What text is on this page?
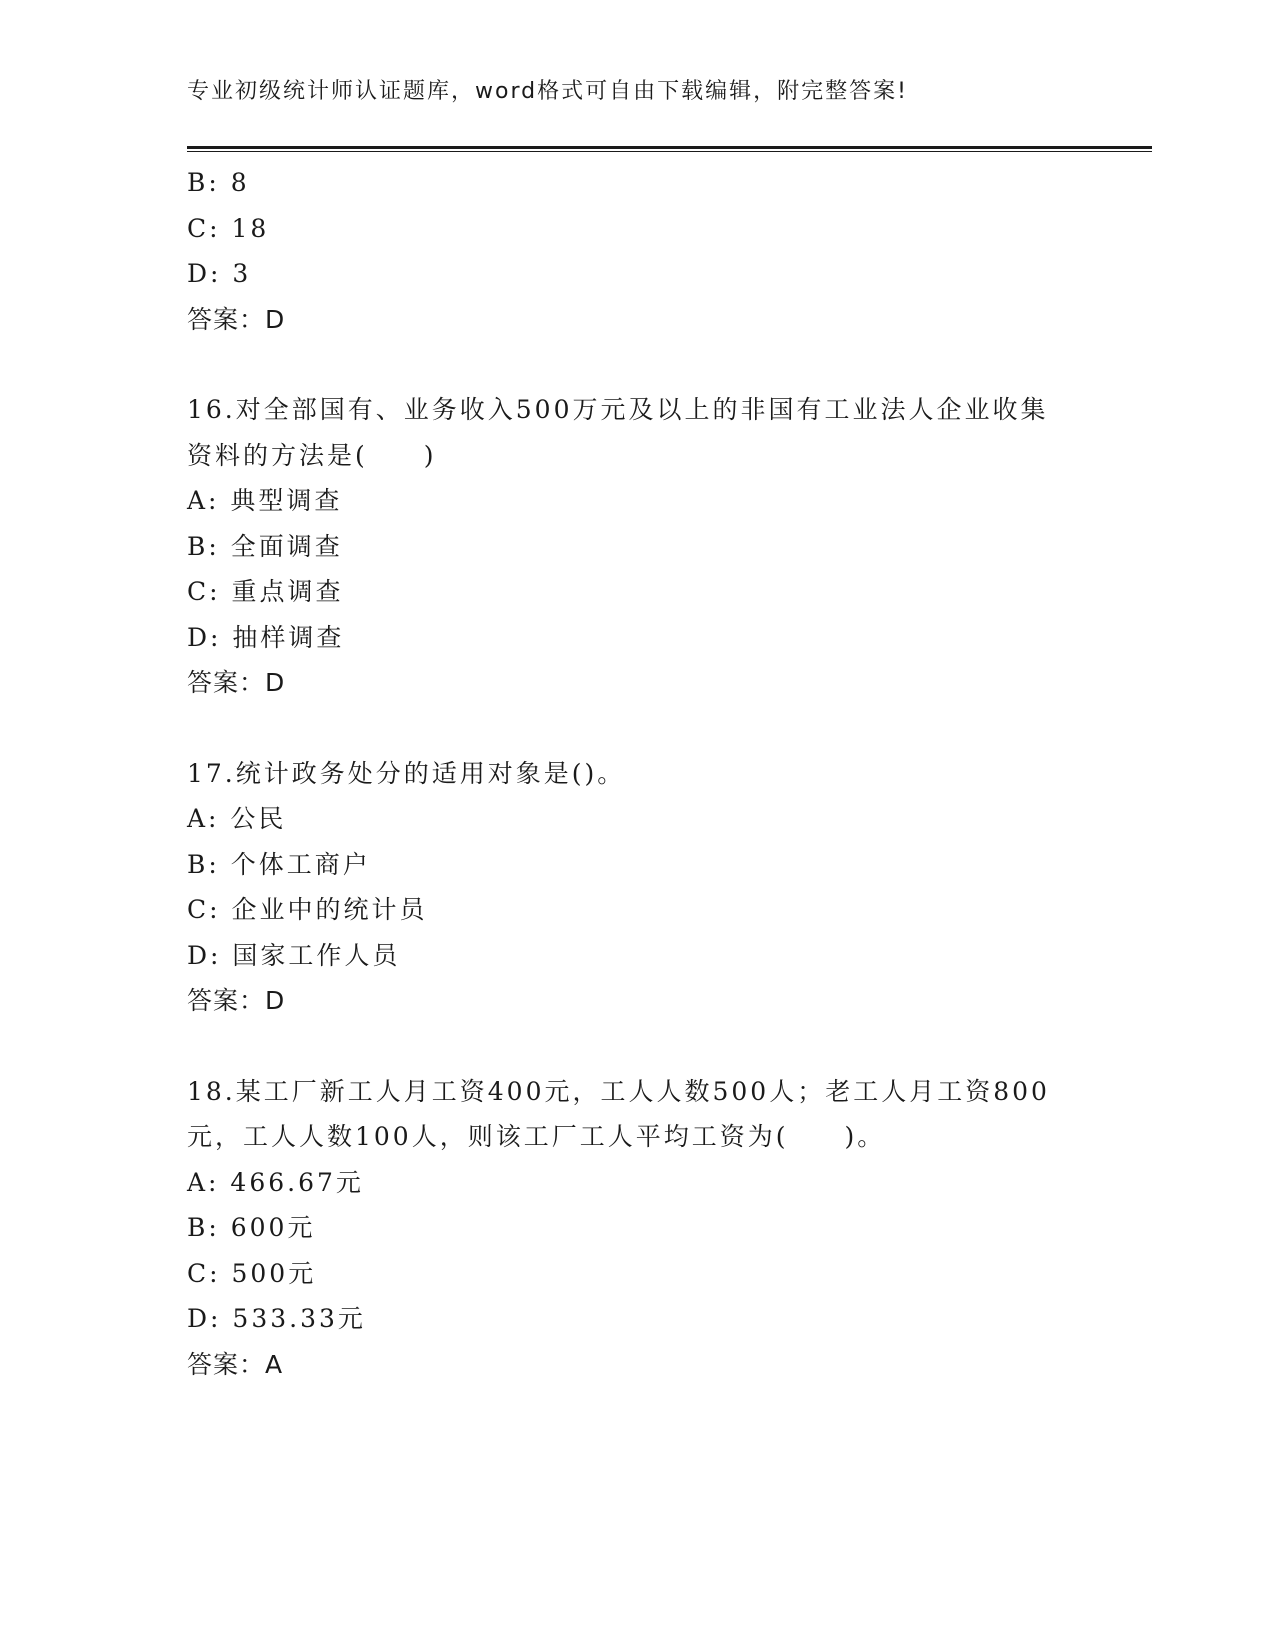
专业初级统计师认证题库，word格式可自由下载编辑，附完整答案!
B: 8
C: 18
D: 3
答案：D
16.对全部国有、业务收入500万元及以上的非国有工业法人企业收集
资料的方法是(　　)
A: 典型调查
B: 全面调查
C: 重点调查
D: 抽样调查
答案：D
17.统计政务处分的适用对象是()。
A: 公民
B: 个体工商户
C: 企业中的统计员
D: 国家工作人员
答案：D
18.某工厂新工人月工资400元，工人人数500人；老工人月工资800
元，工人人数100人，则该工厂工人平均工资为(　　)。
A: 466.67元
B: 600元
C: 500元
D: 533.33元
答案：A
